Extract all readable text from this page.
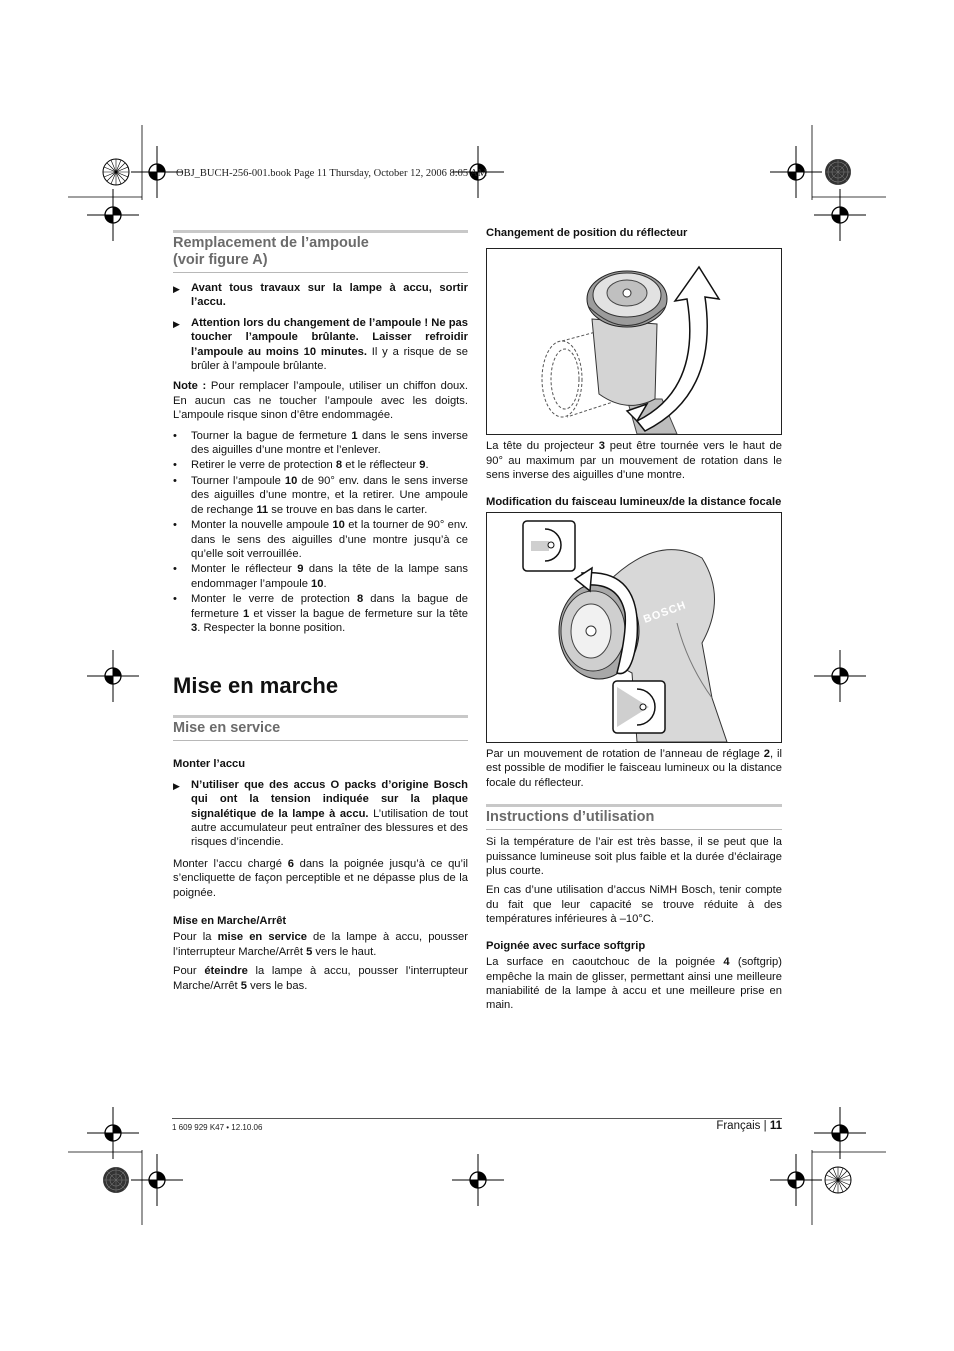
OBJ_BUCH-256-001.book Page 11 Thursday, October 12, 2006 8:05 AM
Remplacement de l’ampoule
(voir figure A)
▶ Avant tous travaux sur la lampe à accu, sortir l’accu.
▶ Attention lors du changement de l’ampoule ! Ne pas toucher l’ampoule brûlante. Laisser refroidir l’ampoule au moins 10 minutes. Il y a risque de se brûler à l’ampoule brûlante.

Note : Pour remplacer l’ampoule, utiliser un chiffon doux. En aucun cas ne toucher l’ampoule avec les doigts. L’ampoule risque sinon d’être endommagée.

•	Tourner la bague de fermeture 1 dans le sens inverse des aiguilles d’une montre et l’enlever.
•	Retirer le verre de protection 8 et le réflecteur 9.
•	Tourner l’ampoule 10 de 90° env. dans le sens inverse des aiguilles d’une montre, et la retirer. Une ampoule de rechange 11 se trouve en bas dans le carter.
•	Monter la nouvelle ampoule 10 et la tourner de 90° env. dans le sens des aiguilles d’une montre jusqu’à ce qu’elle soit verrouillée.
•	Monter le réflecteur 9 dans la tête de la lampe sans endommager l’ampoule 10.
•	Monter le verre de protection 8 dans la bague de fermeture 1 et visser la bague de fermeture sur la tête 3. Respecter la bonne position.
Mise en marche
Mise en service

Monter l’accu

▶ N’utiliser que des accus O packs d’origine Bosch qui ont la tension indiquée sur la plaque signalétique de la lampe à accu. L’utilisation de tout autre accumulateur peut entraîner des blessures et des risques d’incendie.

Monter l’accu chargé 6 dans la poignée jusqu’à ce qu’il s’encliquette de façon perceptible et ne dépasse plus de la poignée.

Mise en Marche/Arrêt

Pour la mise en service de la lampe à accu, pousser l’interrupteur Marche/Arrêt 5 vers le haut.

Pour éteindre la lampe à accu, pousser l’interrupteur Marche/Arrêt 5 vers le bas.

Changement de position du réflecteur

La tête du projecteur 3 peut être tournée vers le haut de 90° au maximum par un mouvement de rotation dans le sens inverse des aiguilles d’une montre.

Modification du faisceau lumineux/de la distance focale

BOSCH

Par un mouvement de rotation de l’anneau de réglage 2, il est possible de modifier le faisceau lumineux ou la distance focale du réflecteur.

Instructions d’utilisation

Si la température de l’air est très basse, il se peut que la puissance lumineuse soit plus faible et la durée d’éclairage plus courte.

En cas d’une utilisation d’accus NiMH Bosch, tenir compte du fait que leur capacité se trouve réduite à des températures inférieures à –10°C.

Poignée avec surface softgrip

La surface en caoutchouc de la poignée 4 (softgrip) empêche la main de glisser, permettant ainsi une meilleure maniabilité de la lampe à accu et une meilleure prise en main.

1 609 929 K47 • 12.10.06	Français | 11
